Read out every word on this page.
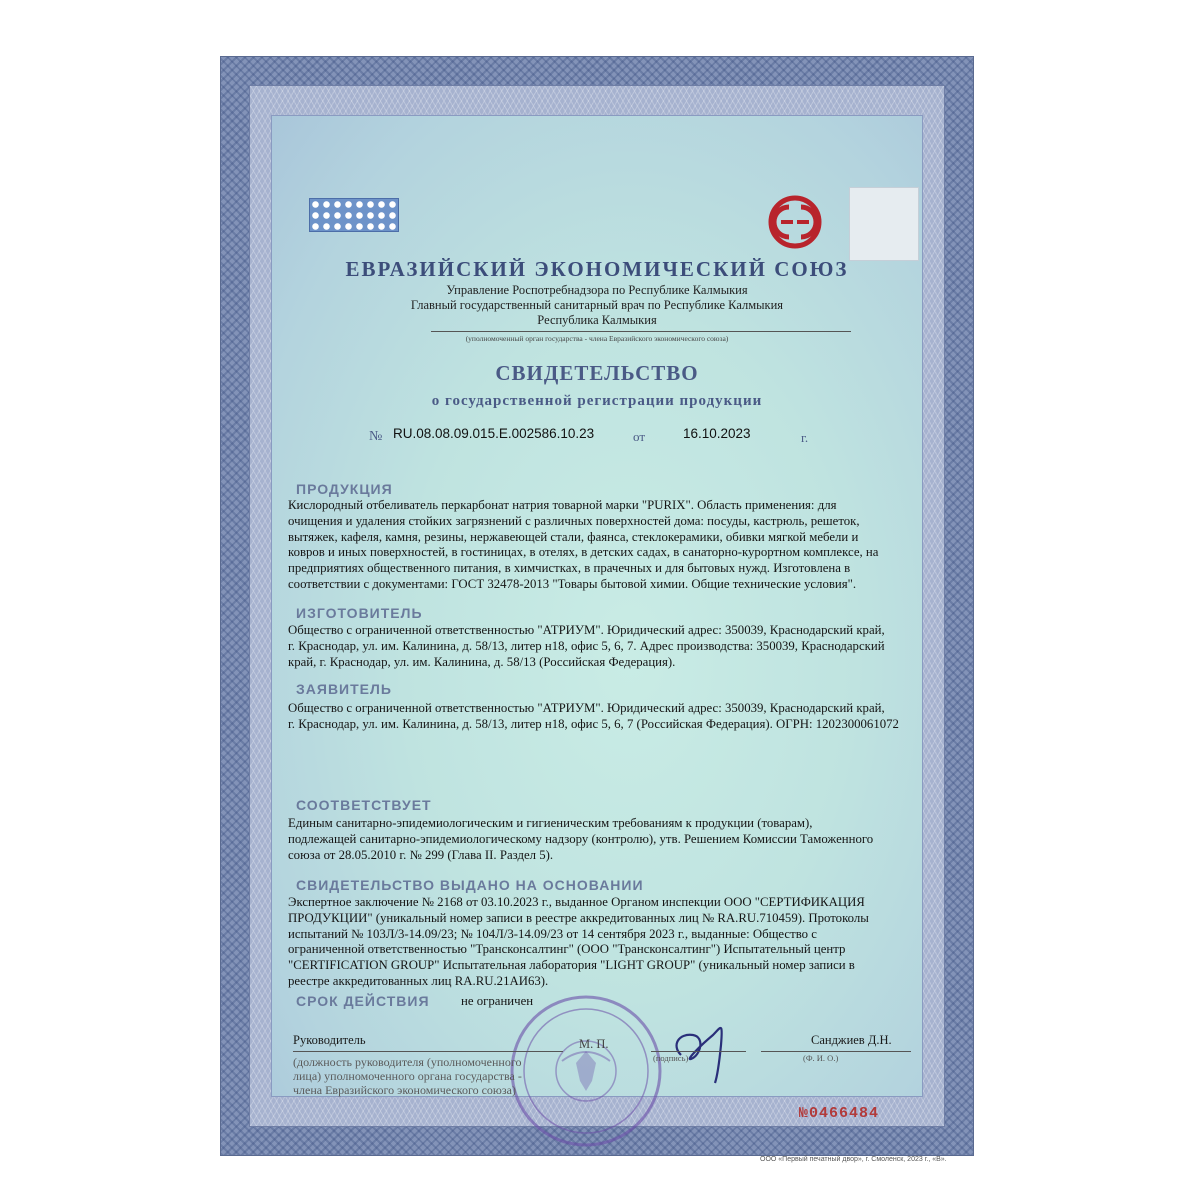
ЕВРАЗИЙСКИЙ ЭКОНОМИЧЕСКИЙ СОЮЗ
Управление Роспотребнадзора по Республике Калмыкия
Главный государственный санитарный врач по Республике Калмыкия
Республика Калмыкия
(уполномоченный орган государства - члена Евразийского экономического союза)
СВИДЕТЕЛЬСТВО
о государственной регистрации продукции
№ RU.08.08.09.015.E.002586.10.23	от	16.10.2023	г.
ПРОДУКЦИЯ
Кислородный отбеливатель перкарбонат натрия товарной марки "PURIX". Область применения: для
очищения и удаления стойких загрязнений с различных поверхностей дома: посуды, кастрюль, решеток,
вытяжек, кафеля, камня, резины, нержавеющей стали, фаянса, стеклокерамики, обивки мягкой мебели и
ковров и иных поверхностей, в гостиницах, в отелях, в детских садах, в санаторно-курортном комплексе, на
предприятиях общественного питания, в химчистках, в прачечных и для бытовых нужд. Изготовлена в
соответствии с документами: ГОСТ 32478-2013 "Товары бытовой химии. Общие технические условия".
ИЗГОТОВИТЕЛЬ
Общество с ограниченной ответственностью "АТРИУМ". Юридический адрес: 350039, Краснодарский край,
г. Краснодар, ул. им. Калинина, д. 58/13, литер н18, офис 5, 6, 7. Адрес производства: 350039, Краснодарский
край, г. Краснодар, ул. им. Калинина, д. 58/13 (Российская Федерация).
ЗАЯВИТЕЛЬ
Общество с ограниченной ответственностью "АТРИУМ". Юридический адрес: 350039, Краснодарский край,
г. Краснодар, ул. им. Калинина, д. 58/13, литер н18, офис 5, 6, 7 (Российская Федерация). ОГРН: 1202300061072
СООТВЕТСТВУЕТ
Единым санитарно-эпидемиологическим и гигиеническим требованиям к продукции (товарам),
подлежащей санитарно-эпидемиологическому надзору (контролю), утв. Решением Комиссии Таможенного
союза от 28.05.2010 г. № 299 (Глава II. Раздел 5).
СВИДЕТЕЛЬСТВО ВЫДАНО НА ОСНОВАНИИ
Экспертное заключение № 2168 от 03.10.2023 г., выданное Органом инспекции ООО "СЕРТИФИКАЦИЯ
ПРОДУКЦИИ" (уникальный номер записи в реестре аккредитованных лиц № RA.RU.710459). Протоколы
испытаний № 103Л/3-14.09/23; № 104Л/3-14.09/23 от 14 сентября 2023 г., выданные: Общество с
ограниченной ответственностью "Трансконсалтинг" (ООО "Трансконсалтинг") Испытательный центр
"CERTIFICATION GROUP" Испытательная лаборатория "LIGHT GROUP" (уникальный номер записи в
реестре аккредитованных лиц RA.RU.21АИ63).
СРОК ДЕЙСТВИЯ не ограничен
Руководитель	М. П.	Санджиев Д.Н.
(подпись)	(Ф. И. О.)
(должность руководителя (уполномоченного
лица) уполномоченного органа государства -
члена Евразийского экономического союза)
№0466484
ООО «Первый печатный двор», г. Смоленск, 2023 г., «В».
